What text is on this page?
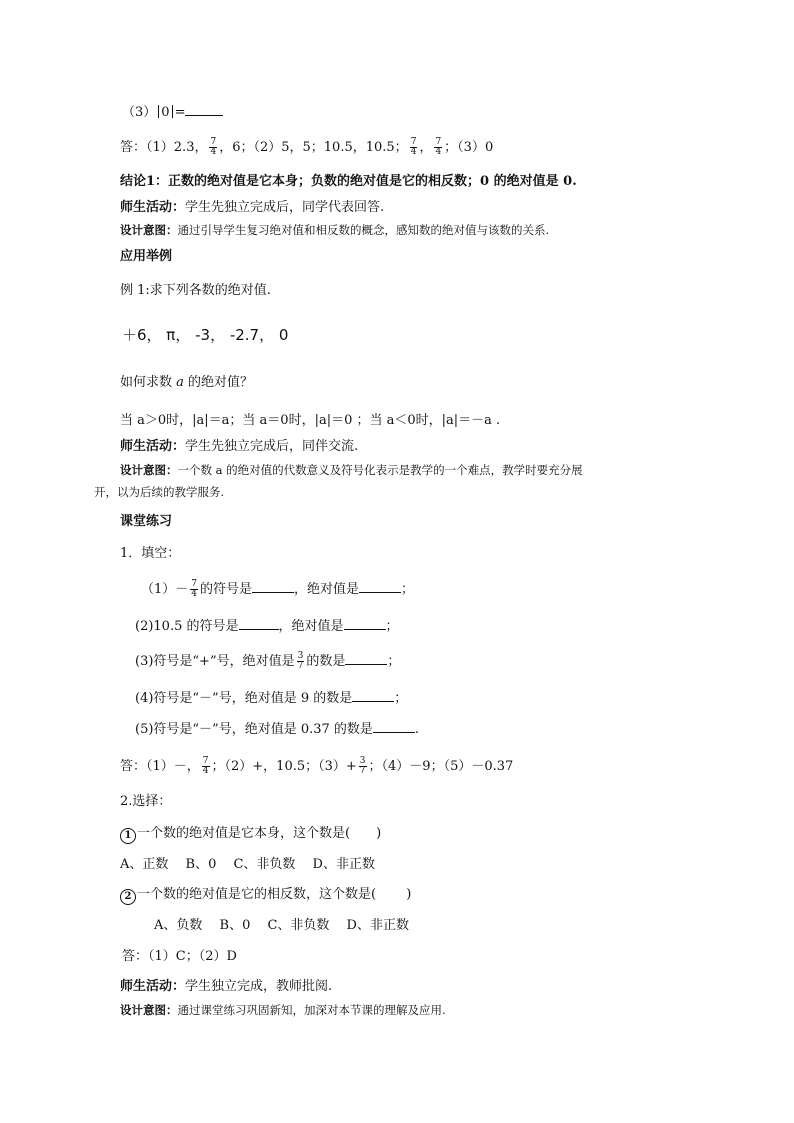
（3） 0 =
答：（1）2.3， $\frac{7}{4}$ ，6；（2）5，5；10.5，10.5； $\frac{7}{4}$ ， $\frac{7}{4}$ ；（3）0
结论1：正数的绝对值是它本身；负数的绝对值是它的相反数；0 的绝对值是 0.
师生活动：学生先独立完成后，同学代表回答.
设计意图：通过引导学生复习绝对值和相反数的概念，感知数的绝对值与该数的关系.
应用举例
例 1:求下列各数的绝对值.
＋6， π， -3， -2.7， 0
如何求数 a 的绝对值？
当 a＞0时，|a|＝a；当 a＝0时，|a|＝0 ；当 a＜0时，|a|＝－a .
师生活动：学生先独立完成后，同伴交流.
设计意图：一个数 a 的绝对值的代数意义及符号化表示是教学的一个难点，教学时要充分展
开，以为后续的教学服务.
课堂练习
1．填空：
$(1)- \frac{7}{4}$ 的符号是	，绝对值是	；
(2)10.5 的符号是	，绝对值是	；
(3)符号是“+”号，绝对值是 $\frac{3}{7}$ 的数是	；
(4)符号是“－”号，绝对值是 9 的数是	；
(5)符号是“－”号，绝对值是 0.37 的数是	.
答：（1）－， $\frac{7}{4}$ ；（2）+，10.5；$(3)+ \frac{3}{7}$ ；（4）－9；（5）－0.37
2.选择：
1 一个数的绝对值是它本身，这个数是(　　)
A、正数　 B、0　 C、非负数　 D、非正数
2 一个数的绝对值是它的相反数，这个数是(　　 )
A、负数　 B、0　 C、非负数　 D、非正数
答：（1）C；（2）D
师生活动：学生独立完成，教师批阅.
设计意图：通过课堂练习巩固新知，加深对本节课的理解及应用.
